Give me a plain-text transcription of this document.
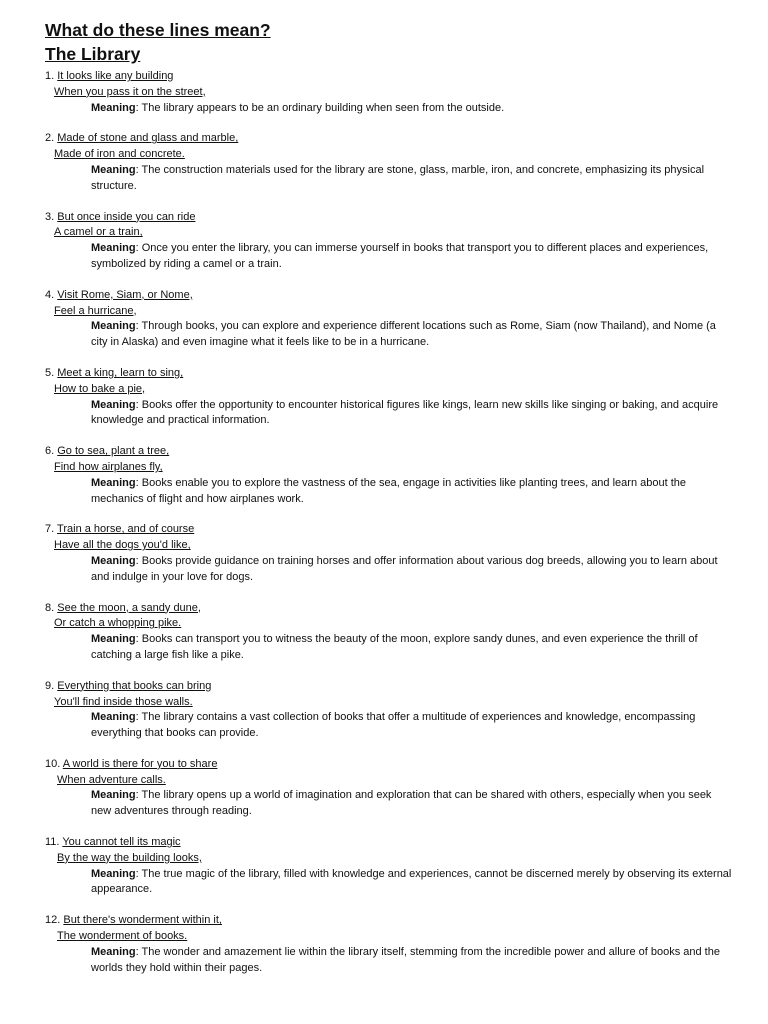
What do these lines mean?
The Library
1. It looks like any building
When you pass it on the street,
Meaning: The library appears to be an ordinary building when seen from the outside.
2. Made of stone and glass and marble,
Made of iron and concrete.
Meaning: The construction materials used for the library are stone, glass, marble, iron, and concrete, emphasizing its physical structure.
3. But once inside you can ride
A camel or a train,
Meaning: Once you enter the library, you can immerse yourself in books that transport you to different places and experiences, symbolized by riding a camel or a train.
4. Visit Rome, Siam, or Nome,
Feel a hurricane,
Meaning: Through books, you can explore and experience different locations such as Rome, Siam (now Thailand), and Nome (a city in Alaska) and even imagine what it feels like to be in a hurricane.
5. Meet a king, learn to sing,
How to bake a pie,
Meaning: Books offer the opportunity to encounter historical figures like kings, learn new skills like singing or baking, and acquire knowledge and practical information.
6. Go to sea, plant a tree,
Find how airplanes fly,
Meaning: Books enable you to explore the vastness of the sea, engage in activities like planting trees, and learn about the mechanics of flight and how airplanes work.
7. Train a horse, and of course
Have all the dogs you'd like,
Meaning: Books provide guidance on training horses and offer information about various dog breeds, allowing you to learn about and indulge in your love for dogs.
8. See the moon, a sandy dune,
Or catch a whopping pike.
Meaning: Books can transport you to witness the beauty of the moon, explore sandy dunes, and even experience the thrill of catching a large fish like a pike.
9. Everything that books can bring
You'll find inside those walls.
Meaning: The library contains a vast collection of books that offer a multitude of experiences and knowledge, encompassing everything that books can provide.
10. A world is there for you to share
When adventure calls.
Meaning: The library opens up a world of imagination and exploration that can be shared with others, especially when you seek new adventures through reading.
11. You cannot tell its magic
By the way the building looks,
Meaning: The true magic of the library, filled with knowledge and experiences, cannot be discerned merely by observing its external appearance.
12. But there's wonderment within it,
The wonderment of books.
Meaning: The wonder and amazement lie within the library itself, stemming from the incredible power and allure of books and the worlds they hold within their pages.
